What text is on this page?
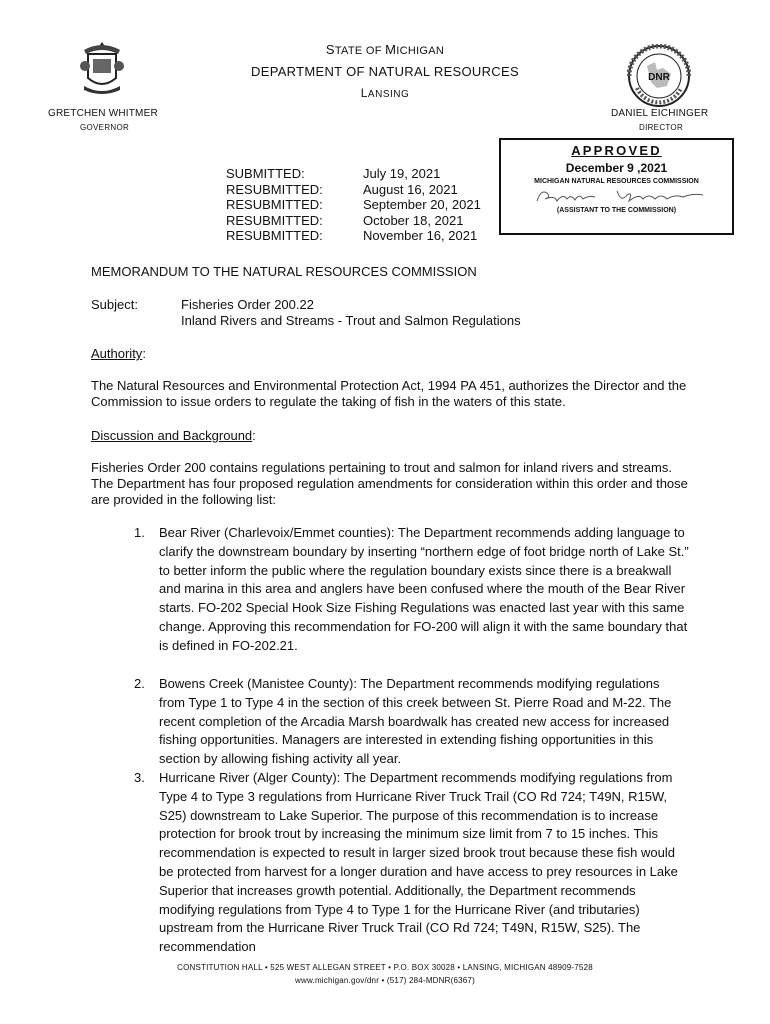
DNR
STATE OF MICHIGAN
DEPARTMENT OF NATURAL RESOURCES
LANSING
GRETCHEN WHITMER
GOVERNOR
DANIEL EICHINGER
DIRECTOR
SUBMITTED:	July 19, 2021
RESUBMITTED:	August 16, 2021
RESUBMITTED:	September 20, 2021
RESUBMITTED:	October 18, 2021
RESUBMITTED:	November 16, 2021
APPROVED
December 9 ,2021
MICHIGAN NATURAL RESOURCES COMMISSION
(ASSISTANT TO THE COMMISSION)
MEMORANDUM TO THE NATURAL RESOURCES COMMISSION
Subject:	Fisheries Order 200.22
Inland Rivers and Streams - Trout and Salmon Regulations
Authority:
The Natural Resources and Environmental Protection Act, 1994 PA 451, authorizes the Director and the Commission to issue orders to regulate the taking of fish in the waters of this state.
Discussion and Background:
Fisheries Order 200 contains regulations pertaining to trout and salmon for inland rivers and streams. The Department has four proposed regulation amendments for consideration within this order and those are provided in the following list:
1.	Bear River (Charlevoix/Emmet counties): The Department recommends adding language to clarify the downstream boundary by inserting “northern edge of foot bridge north of Lake St.” to better inform the public where the regulation boundary exists since there is a breakwall and marina in this area and anglers have been confused where the mouth of the Bear River starts. FO-202 Special Hook Size Fishing Regulations was enacted last year with this same change. Approving this recommendation for FO-200 will align it with the same boundary that is defined in FO-202.21.
2.	Bowens Creek (Manistee County): The Department recommends modifying regulations from Type 1 to Type 4 in the section of this creek between St. Pierre Road and M-22. The recent completion of the Arcadia Marsh boardwalk has created new access for increased fishing opportunities. Managers are interested in extending fishing opportunities in this section by allowing fishing activity all year.
3.	Hurricane River (Alger County): The Department recommends modifying regulations from Type 4 to Type 3 regulations from Hurricane River Truck Trail (CO Rd 724; T49N, R15W, S25) downstream to Lake Superior. The purpose of this recommendation is to increase protection for brook trout by increasing the minimum size limit from 7 to 15 inches. This recommendation is expected to result in larger sized brook trout because these fish would be protected from harvest for a longer duration and have access to prey resources in Lake Superior that increases growth potential. Additionally, the Department recommends modifying regulations from Type 4 to Type 1 for the Hurricane River (and tributaries) upstream from the Hurricane River Truck Trail (CO Rd 724; T49N, R15W, S25). The recommendation
CONSTITUTION HALL • 525 WEST ALLEGAN STREET • P.O. BOX 30028 • LANSING, MICHIGAN 48909-7528
www.michigan.gov/dnr • (517) 284-MDNR(6367)
